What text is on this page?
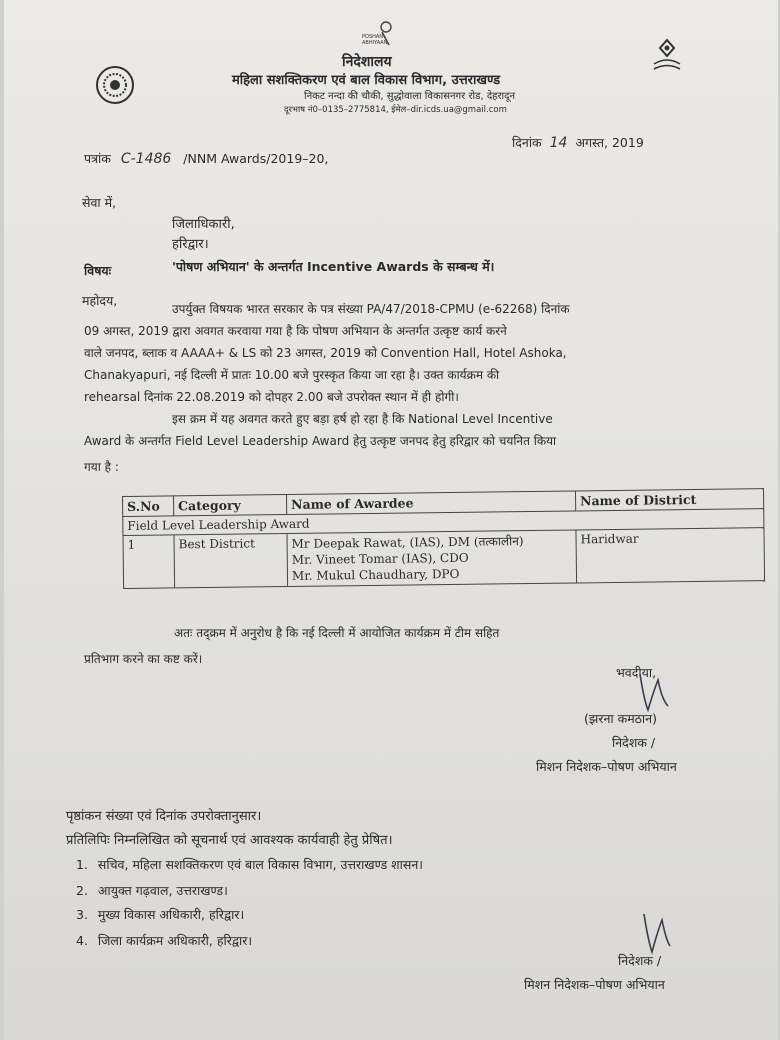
POSHAN
ABHIYAAN
निदेशालय
महिला सशक्तिकरण एवं बाल विकास विभाग, उत्तराखण्ड
निकट नन्दा की चौकी, सुद्धोवाला विकासनगर रोड, देहरादून
दूरभाष नं0–0135–2775814, ईमेल–dir.icds.ua@gmail.com
पत्रांक C-1486 /NNM Awards/2019–20,
दिनांक 14 अगस्त, 2019
सेवा में,
जिलाधिकारी,
हरिद्वार।
विषयः	'पोषण अभियान' के अन्तर्गत Incentive Awards के सम्बन्ध में।
महोदय,
उपर्युक्त विषयक भारत सरकार के पत्र संख्या PA/47/2018-CPMU (e-62268) दिनांक
09 अगस्त, 2019 द्वारा अवगत करवाया गया है कि पोषण अभियान के अन्तर्गत उत्कृष्ट कार्य करने
वाले जनपद, ब्लाक व AAAA+ & LS को 23 अगस्त, 2019 को Convention Hall, Hotel Ashoka,
Chanakyapuri, नई दिल्ली में प्रातः 10.00 बजे पुरस्कृत किया जा रहा है। उक्त कार्यक्रम की
rehearsal दिनांक 22.08.2019 को दोपहर 2.00 बजे उपरोक्त स्थान में ही होगी।
इस क्रम में यह अवगत करते हुए बड़ा हर्ष हो रहा है कि National Level Incentive
Award के अन्तर्गत Field Level Leadership Award हेतु उत्कृष्ट जनपद हेतु हरिद्वार को चयनित किया
गया है :
S.No	Category	Name of Awardee	Name of District
Field Level Leadership Award			
1	Best District	Mr Deepak Rawat, (IAS), DM (तत्कालीन)
Mr. Vineet Tomar (IAS), CDO
Mr. Mukul Chaudhary, DPO	Haridwar
अतः तद्क्रम में अनुरोध है कि नई दिल्ली में आयोजित कार्यक्रम में टीम सहित
प्रतिभाग करने का कष्ट करें।
भवदीया,
(झरना कमठान)
निदेशक /
मिशन निदेशक–पोषण अभियान
पृष्ठांकन संख्या एवं दिनांक उपरोक्तानुसार।
प्रतिलिपिः निम्नलिखित को सूचनार्थ एवं आवश्यक कार्यवाही हेतु प्रेषित।
1. सचिव, महिला सशक्तिकरण एवं बाल विकास विभाग, उत्तराखण्ड शासन।
2. आयुक्त गढ़वाल, उत्तराखण्ड।
3. मुख्य विकास अधिकारी, हरिद्वार।
4. जिला कार्यक्रम अधिकारी, हरिद्वार।
निदेशक /
मिशन निदेशक–पोषण अभियान
